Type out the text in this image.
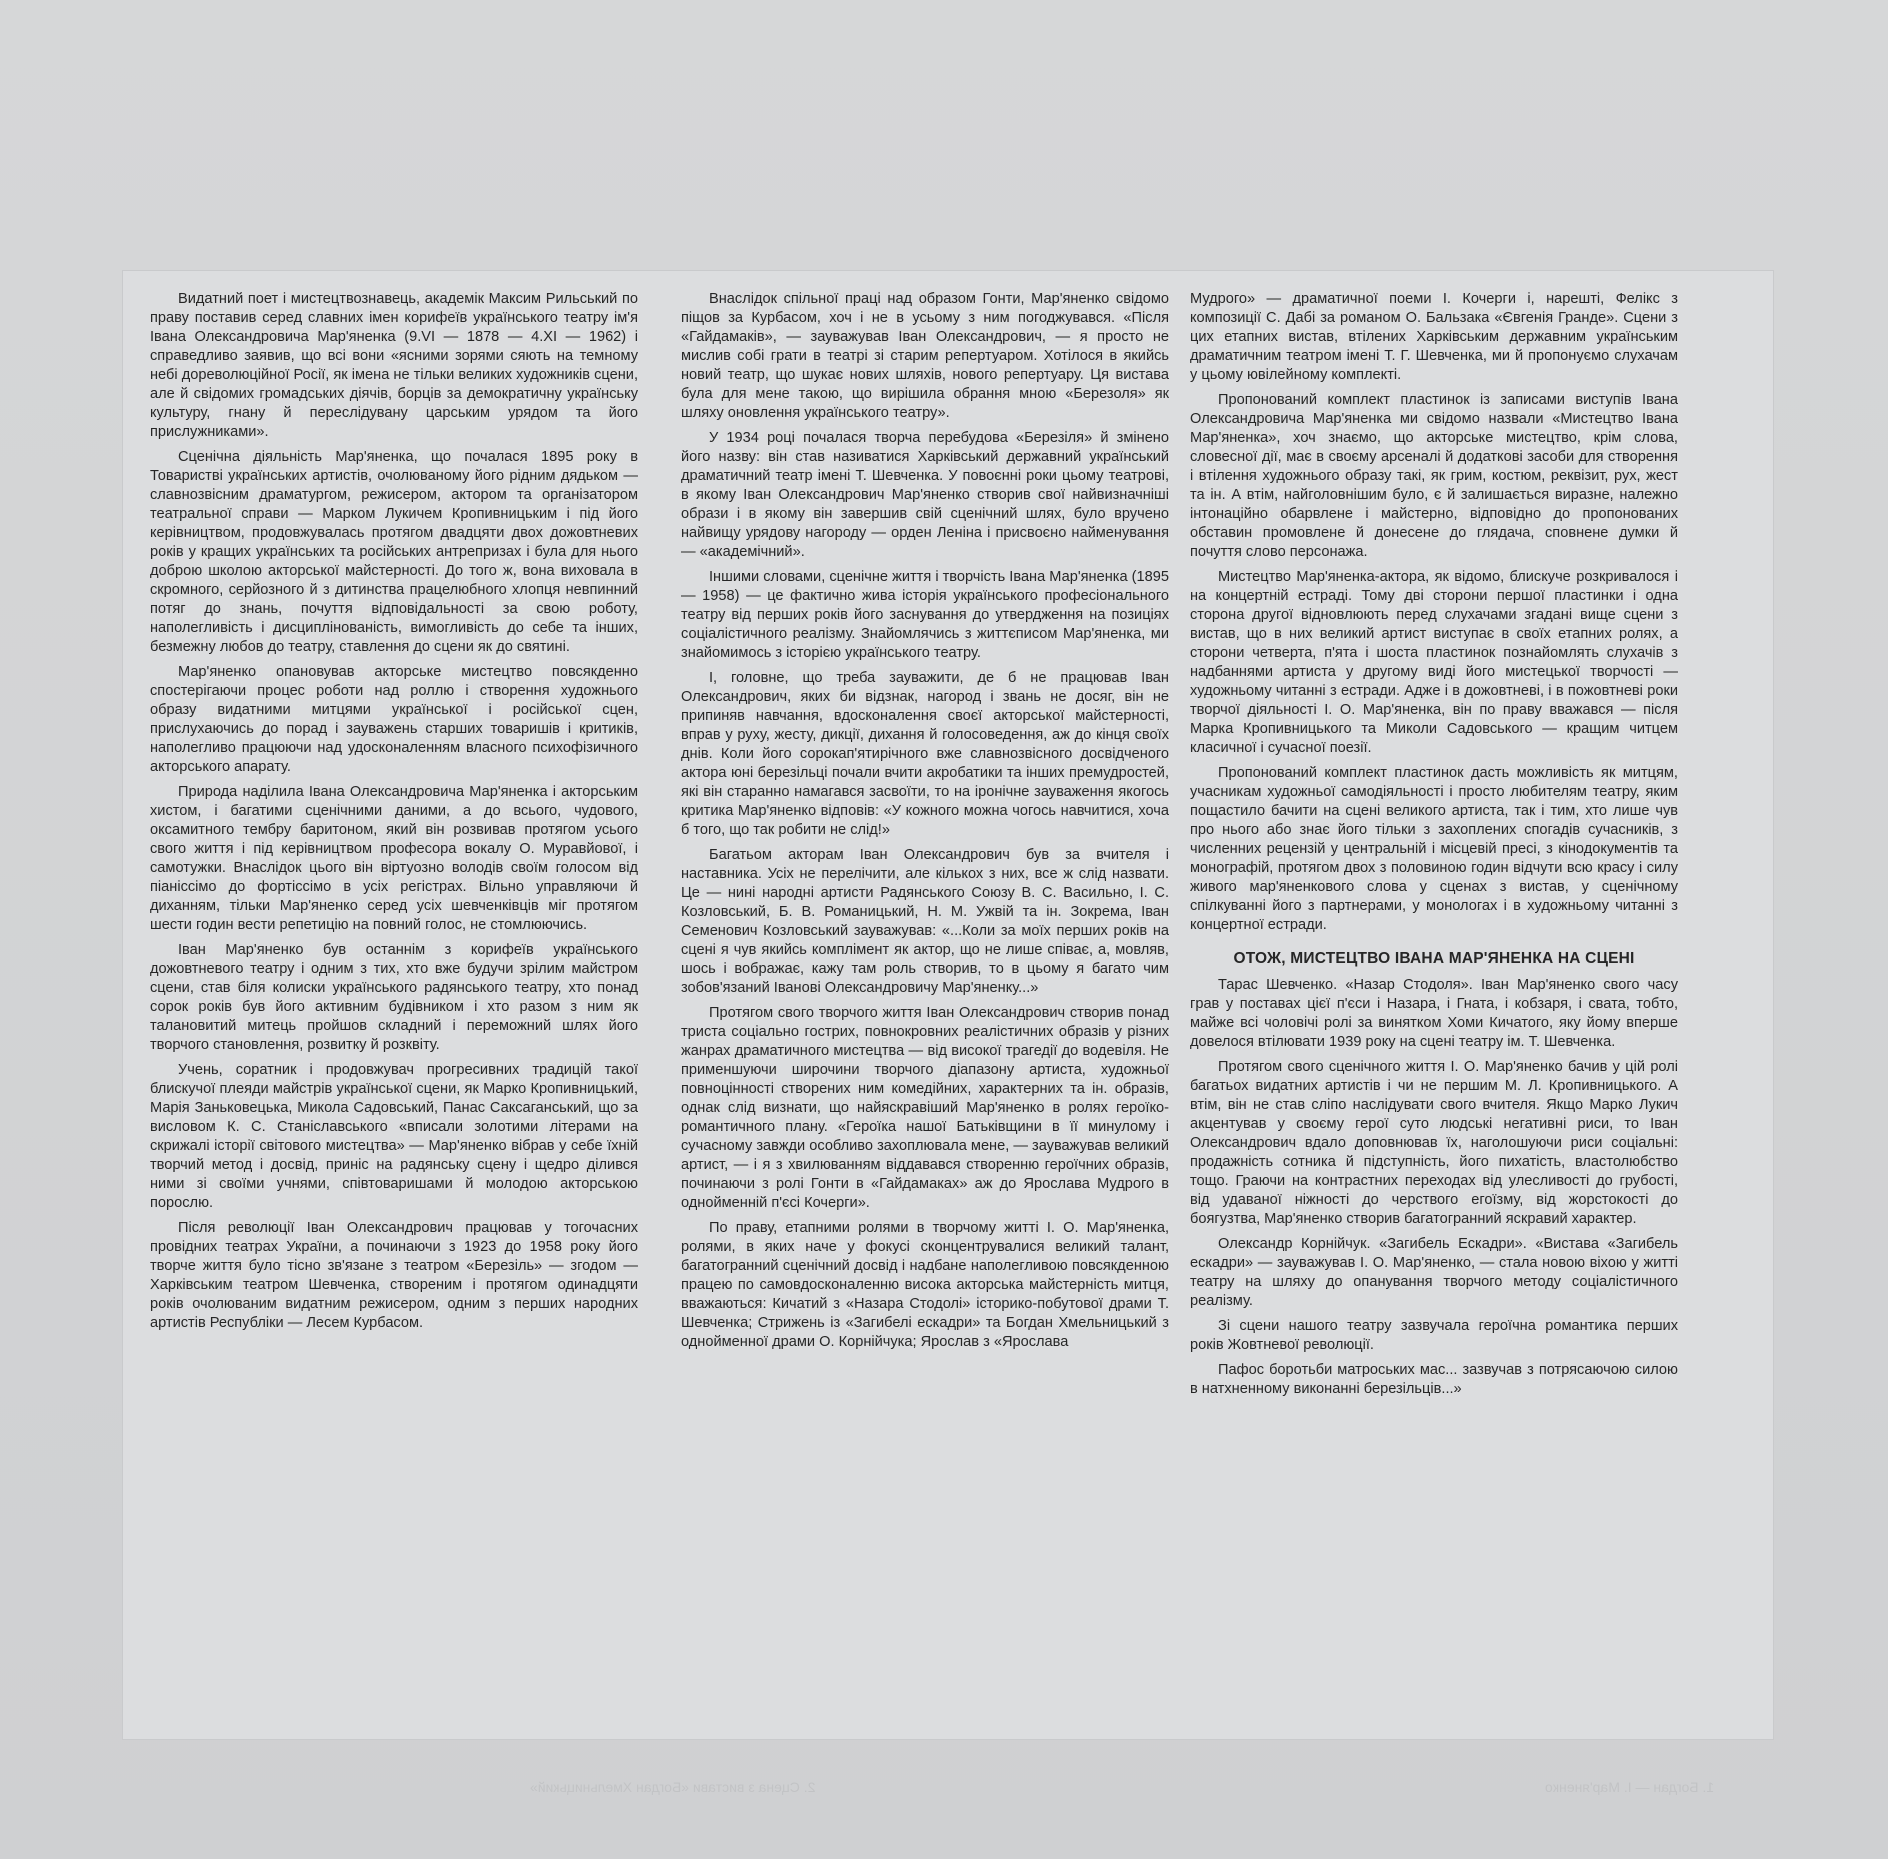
Видатний поет і мистецтвознавець, академік Максим Рильський по праву поставив серед славних імен корифеїв українського театру ім'я Івана Олександровича Мар'яненка (9.VI — 1878 — 4.XI — 1962) і справедливо заявив, що всі вони «ясними зорями сяють на темному небі дореволюційної Росії, як імена не тільки великих художників сцени, але й свідомих громадських діячів, борців за демократичну українську культуру, гнану й переслідувану царським урядом та його прислужниками».

Сценічна діяльність Мар'яненка, що почалася 1895 року в Товаристві українських артистів, очолюваному його рідним дядьком — славнозвісним драматургом, режисером, актором та організатором театральної справи — Марком Лукичем Кропивницьким і під його керівництвом, продовжувалась протягом двадцяти двох дожовтневих років у кращих українських та російських антрепризах і була для нього доброю школою акторської майстерності. До того ж, вона виховала в скромного, серйозного й з дитинства працелюбного хлопця невпинний потяг до знань, почуття відповідальності за свою роботу, наполегливість і дисциплінованість, вимогливість до себе та інших, безмежну любов до театру, ставлення до сцени як до святині.

Мар'яненко опановував акторське мистецтво повсякденно спостерігаючи процес роботи над роллю і створення художнього образу видатними митцями української і російської сцен, прислухаючись до порад і зауважень старших товаришів і критиків, наполегливо працюючи над удосконаленням власного психофізичного акторського апарату.

Природа наділила Івана Олександровича Мар'яненка і акторським хистом, і багатими сценічними даними, а до всього, чудового, оксамитного тембру баритоном, який він розвивав протягом усього свого життя і під керівництвом професора вокалу О. Муравйової, і самотужки. Внаслідок цього він віртуозно володів своїм голосом від піаніссімо до фортіссімо в усіх регістрах. Вільно управляючи й диханням, тільки Мар'яненко серед усіх шевченківців міг протягом шести годин вести репетицію на повний голос, не стомлюючись.

Іван Мар'яненко був останнім з корифеїв українського дожовтневого театру і одним з тих, хто вже будучи зрілим майстром сцени, став біля колиски українського радянського театру, хто понад сорок років був його активним будівником і хто разом з ним як талановитий митець пройшов складний і переможний шлях його творчого становлення, розвитку й розквіту.

Учень, соратник і продовжувач прогресивних традицій такої блискучої плеяди майстрів української сцени, як Марко Кропивницький, Марія Заньковецька, Микола Садовський, Панас Саксаганський, що за висловом К. С. Станіславського «вписали золотими літерами на скрижалі історії світового мистецтва» — Мар'яненко вібрав у себе їхній творчий метод і досвід, приніс на радянську сцену і щедро ділився ними зі своїми учнями, співтоваришами й молодою акторською порослю.

Після революції Іван Олександрович працював у тогочасних провідних театрах України, а починаючи з 1923 до 1958 року його творче життя було тісно зв'язане з театром «Березіль» — згодом — Харківським театром Шевченка, створеним і протягом одинадцяти років очолюваним видатним режисером, одним з перших народних артистів Республіки — Лесем Курбасом.

Внаслідок спільної праці над образом Гонти, Мар'яненко свідомо піщов за Курбасом, хоч і не в усьому з ним погоджувався. «Після «Гайдамаків», — зауважував Іван Олександрович, — я просто не мислив собі грати в театрі зі старим репертуаром. Хотілося в якийсь новий театр, що шукає нових шляхів, нового репертуару. Ця вистава була для мене такою, що вирішила обрання мною «Березоля» як шляху оновлення українського театру».

У 1934 році почалася творча перебудова «Березіля» й змінено його назву: він став називатися Харківський державний український драматичний театр імені Т. Шевченка. У повоєнні роки цьому театрові, в якому Іван Олександрович Мар'яненко створив свої найвизначніші образи і в якому він завершив свій сценічний шлях, було вручено найвищу урядову нагороду — орден Леніна і присвоєно найменування — «академічний».

Іншими словами, сценічне життя і творчість Івана Мар'яненка (1895 — 1958) — це фактично жива історія українського професіонального театру від перших років його заснування до утвердження на позиціях соціалістичного реалізму. Знайомлячись з життєписом Мар'яненка, ми знайомимось з історією українського театру.

І, головне, що треба зауважити, де б не працював Іван Олександрович, яких би відзнак, нагород і звань не досяг, він не припиняв навчання, вдосконалення своєї акторської майстерності, вправ у руху, жесту, дикції, дихання й голосоведення, аж до кінця своїх днів. Коли його сорокап'ятирічного вже славнозвісного досвідченого актора юні березільці почали вчити акробатики та інших премудростей, які він старанно намагався засвоїти, то на іронічне зауваження якогось критика Мар'яненко відповів: «У кожного можна чогось навчитися, хоча б того, що так робити не слід!»

Багатьом акторам Іван Олександрович був за вчителя і наставника. Усіх не перелічити, але кількох з них, все ж слід назвати. Це — нині народні артисти Радянського Союзу В. С. Васильно, І. С. Козловський, Б. В. Романицький, Н. М. Ужвій та ін. Зокрема, Іван Семенович Козловський зауважував: «...Коли за моїх перших років на сцені я чув якийсь комплімент як актор, що не лише співає, а, мовляв, шось і вображає, кажу там роль створив, то в цьому я багато чим зобов'язаний Іванові Олександровичу Мар'яненку...»

Протягом свого творчого життя Іван Олександрович створив понад триста соціально гострих, повнокровних реалістичних образів у різних жанрах драматичного мистецтва — від високої трагедії до водевіля. Не применшуючи широчини творчого діапазону артиста, художньої повноцінності створених ним комедійних, характерних та ін. образів, однак слід визнати, що найяскравіший Мар'яненко в ролях героїко-романтичного плану. «Героїка нашої Батьківщини в її минулому і сучасному завжди особливо захоплювала мене, — зауважував великий артист, — і я з хвилюванням віддавався створенню героїчних образів, починаючи з ролі Гонти в «Гайдамаках» аж до Ярослава Мудрого в однойменній п'єсі Кочерги».

По праву, етапними ролями в творчому житті І. О. Мар'яненка, ролями, в яких наче у фокусі сконцентрувалися великий талант, багатогранний сценічний досвід і надбане наполегливою повсякденною працею по самовдосконаленню висока акторська майстерність митця, вважаються: Кичатий з «Назара Стодолі» історико-побутової драми Т. Шевченка; Стрижень із «Загибелі ескадри» та Богдан Хмельницький з однойменної драми О. Корнійчука; Ярослав з «Ярослава

Мудрого» — драматичної поеми І. Кочерги і, нарешті, Фелікс з композиції С. Дабі за романом О. Бальзака «Євгенія Гранде». Сцени з цих етапних вистав, втілених Харківським державним українським драматичним театром імені Т. Г. Шевченка, ми й пропонуємо слухачам у цьому ювілейному комплекті.

Пропонований комплект пластинок із записами виступів Івана Олександровича Мар'яненка ми свідомо назвали «Мистецтво Івана Мар'яненка», хоч знаємо, що акторське мистецтво, крім слова, словесної дії, має в своєму арсеналі й додаткові засоби для створення і втілення художнього образу такі, як грим, костюм, реквізит, рух, жест та ін. А втім, найголовнішим було, є й залишається виразне, належно інтонаційно обарвлене і майстерно, відповідно до пропонованих обставин промовлене й донесене до глядача, сповнене думки й почуття слово персонажа.

Мистецтво Мар'яненка-актора, як відомо, блискуче розкривалося і на концертній естраді. Тому дві сторони першої пластинки і одна сторона другої відновлюють перед слухачами згадані вище сцени з вистав, що в них великий артист виступає в своїх етапних ролях, а сторони четверта, п'ята і шоста пластинок познайомлять слухачів з надбаннями артиста у другому виді його мистецької творчості — художньому читанні з естради. Адже і в дожовтневі, і в пожовтневі роки творчої діяльності І. О. Мар'яненка, він по праву вважався — після Марка Кропивницького та Миколи Садовського — кращим читцем класичної і сучасної поезії.

Пропонований комплект пластинок дасть можливість як митцям, учасникам художньої самодіяльності і просто любителям театру, яким пощастило бачити на сцені великого артиста, так і тим, хто лише чув про нього або знає його тільки з захоплених спогадів сучасників, з численних рецензій у центральній і місцевій пресі, з кінодокументів та монографій, протягом двох з половиною годин відчути всю красу і силу живого мар'яненкового слова у сценах з вистав, у сценічному спілкуванні його з партнерами, у монологах і в художньому читанні з концертної естради.

ОТОЖ, МИСТЕЦТВО ІВАНА МАР'ЯНЕНКА НА СЦЕНІ

Тарас Шевченко. «Назар Стодоля». Іван Мар'яненко свого часу грав у поставах цієї п'єси і Назара, і Гната, і кобзаря, і свата, тобто, майже всі чоловічі ролі за винятком Хоми Кичатого, яку йому вперше довелося втілювати 1939 року на сцені театру ім. Т. Шевченка.

Протягом свого сценічного життя І. О. Мар'яненко бачив у цій ролі багатьох видатних артистів і чи не першим М. Л. Кропивницького. А втім, він не став сліпо наслідувати свого вчителя. Якщо Марко Лукич акцентував у своєму герої суто людські негативні риси, то Іван Олександрович вдало доповнював їх, наголошуючи риси соціальні: продажність сотника й підступність, його пихатість, властолюбство тощо. Граючи на контрастних переходах від улесливості до грубості, від удаваної ніжності до черствого егоїзму, від жорстокості до боягузтва, Мар'яненко створив багатогранний яскравий характер.

Олександр Корнійчук. «Загибель Ескадри». «Вистава «Загибель ескадри» — зауважував І. О. Мар'яненко, — стала новою віхою у житті театру на шляху до опанування творчого методу соціалістичного реалізму.

Зі сцени нашого театру зазвучала героїчна романтика перших років Жовтневої революції.

Пафос боротьби матроських мас... зазвучав з потрясаючою силою в натхненному виконанні березільців...»

2. Сцена з вистави «Богдан Хмельницький»	1. Богдан — І. Мар'яненко
